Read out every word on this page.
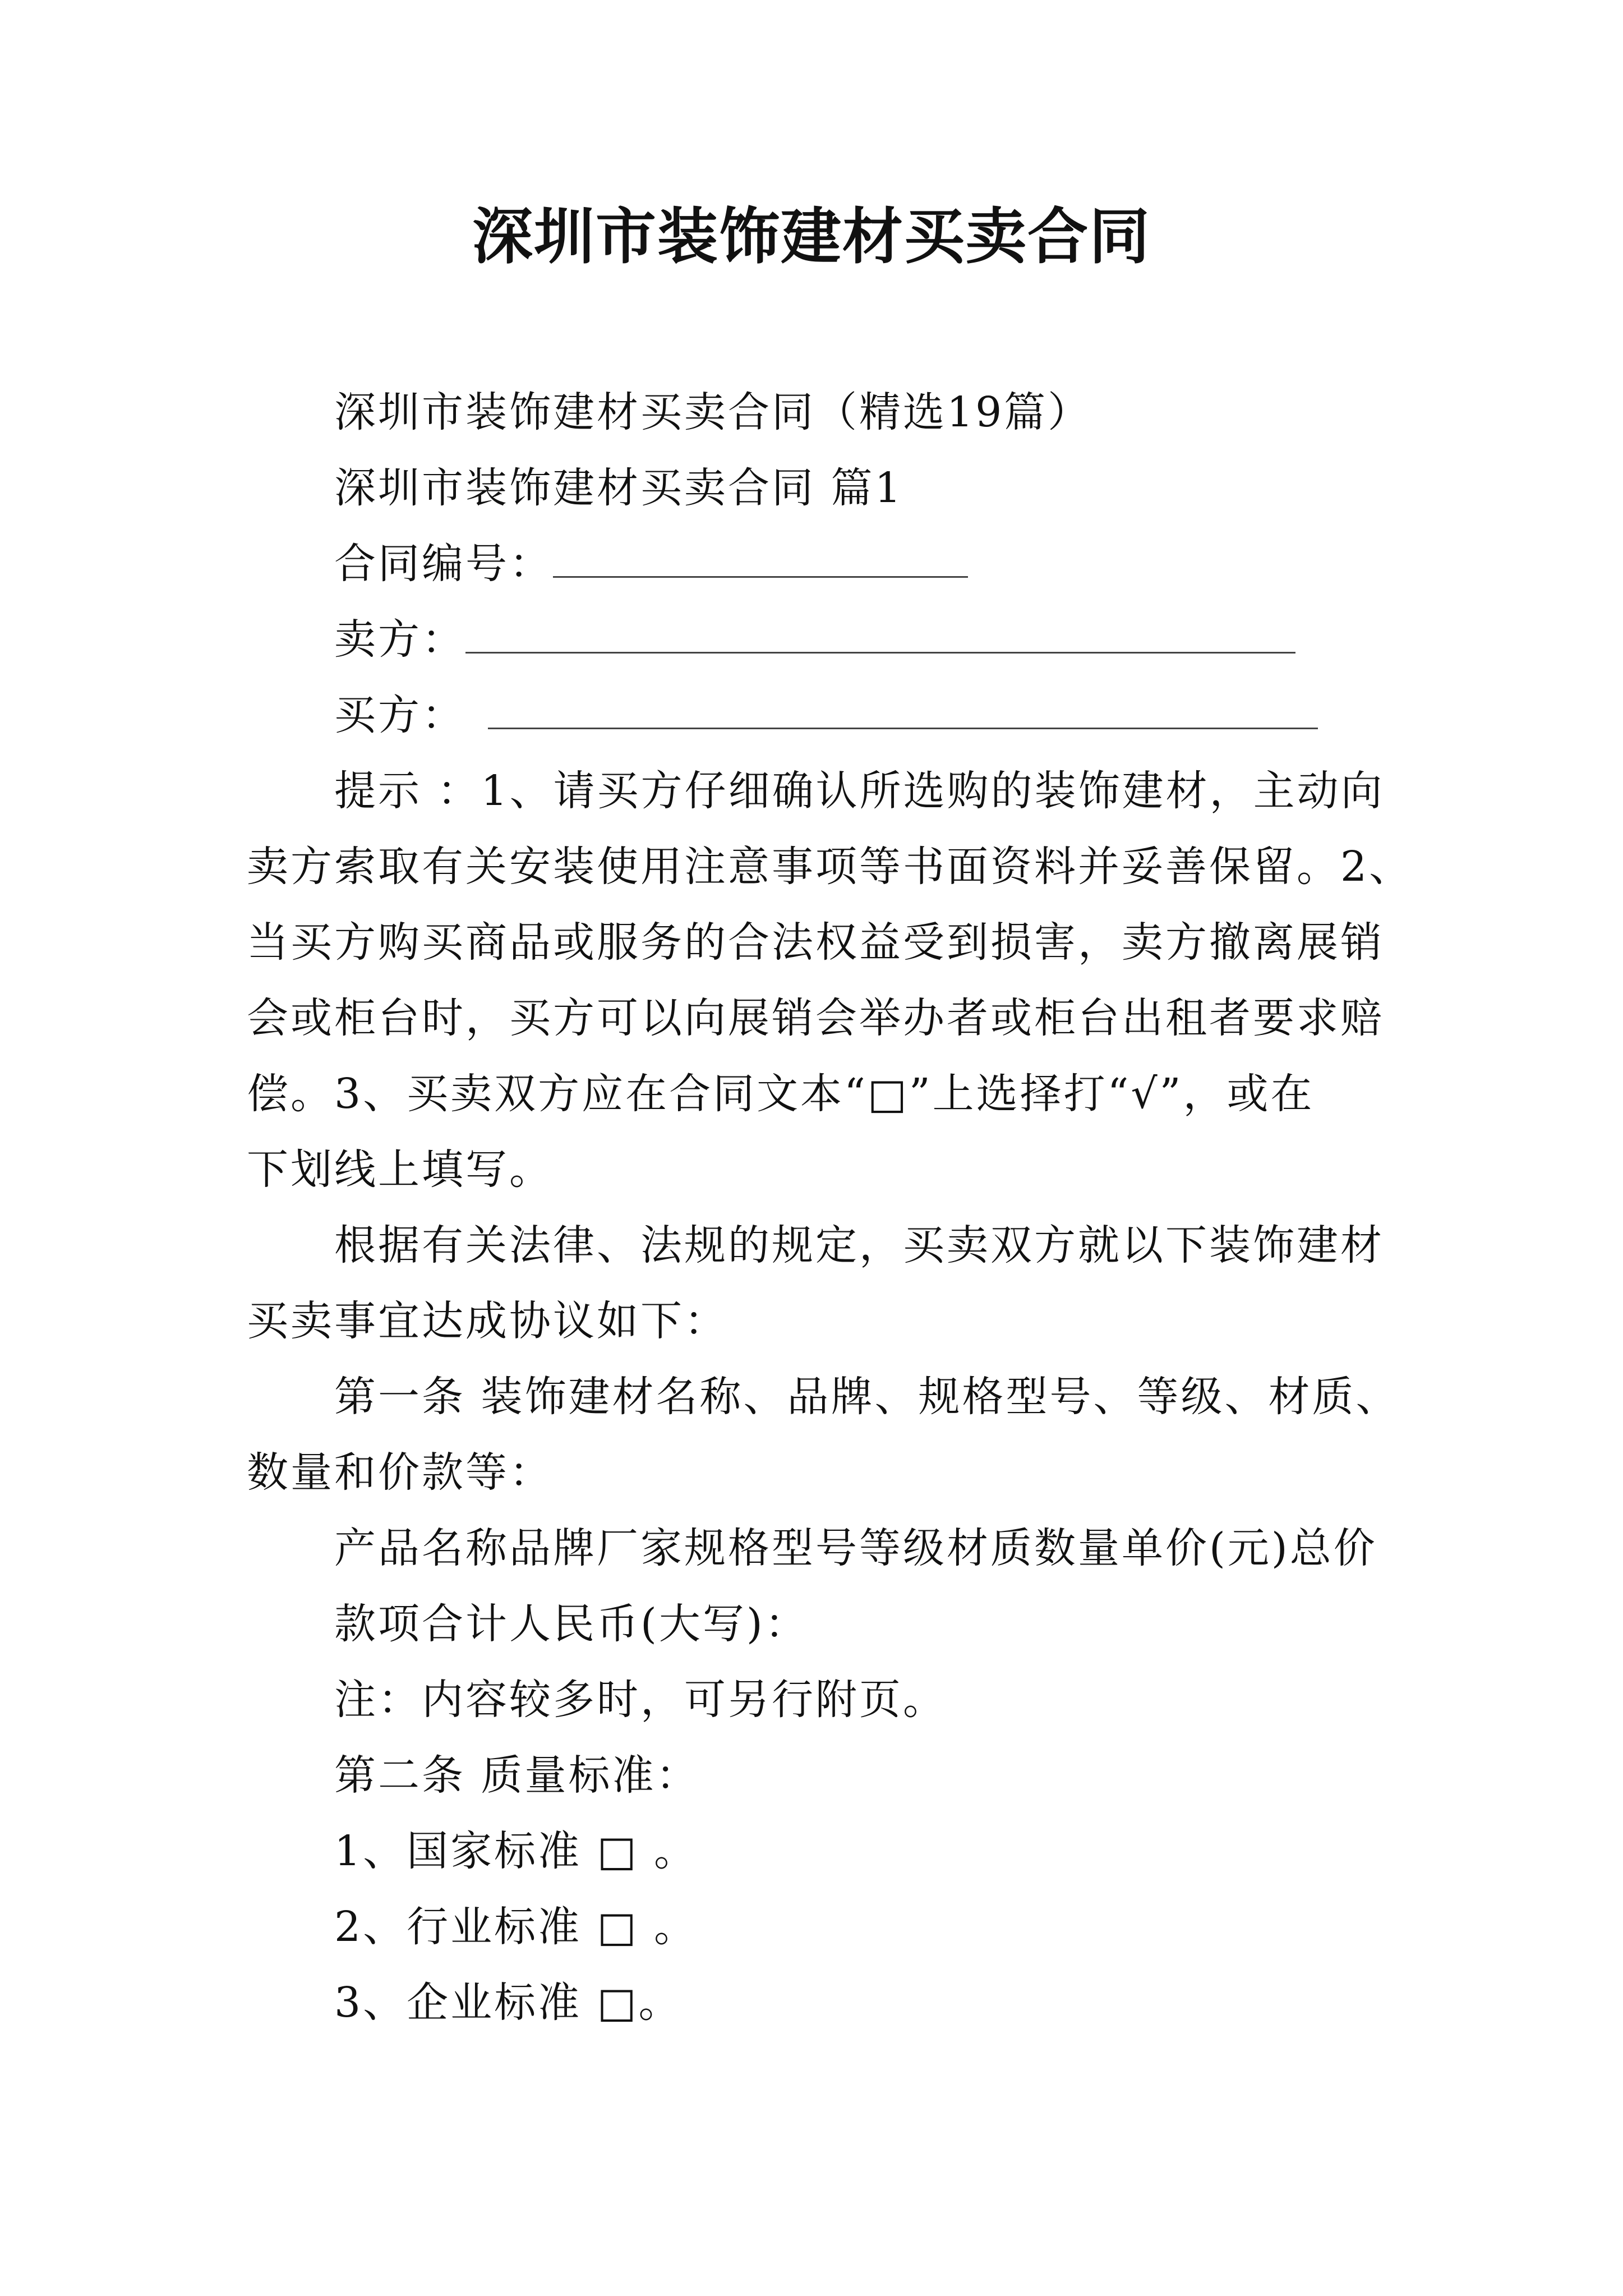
深圳市装饰建材买卖合同
深圳市装饰建材买卖合同（精选19篇）
深圳市装饰建材买卖合同 篇1
合同编号：
卖方：
买方：
提示 ：1、请买方仔细确认所选购的装饰建材，主动向
卖方索取有关安装使用注意事项等书面资料并妥善保留。2、
当买方购买商品或服务的合法权益受到损害，卖方撤离展销
会或柜台时，买方可以向展销会举办者或柜台出租者要求赔
偿。3、买卖双方应在合同文本“□”上选择打“√”，或在
下划线上填写。
根据有关法律、法规的规定，买卖双方就以下装饰建材
买卖事宜达成协议如下：
第一条 装饰建材名称、品牌、规格型号、等级、材质、
数量和价款等：
产品名称品牌厂家规格型号等级材质数量单价(元)总价
款项合计人民币(大写)：
注：内容较多时，可另行附页。
第二条 质量标准：
1、国家标准 □ 。
2、行业标准 □ 。
3、企业标准 □。
